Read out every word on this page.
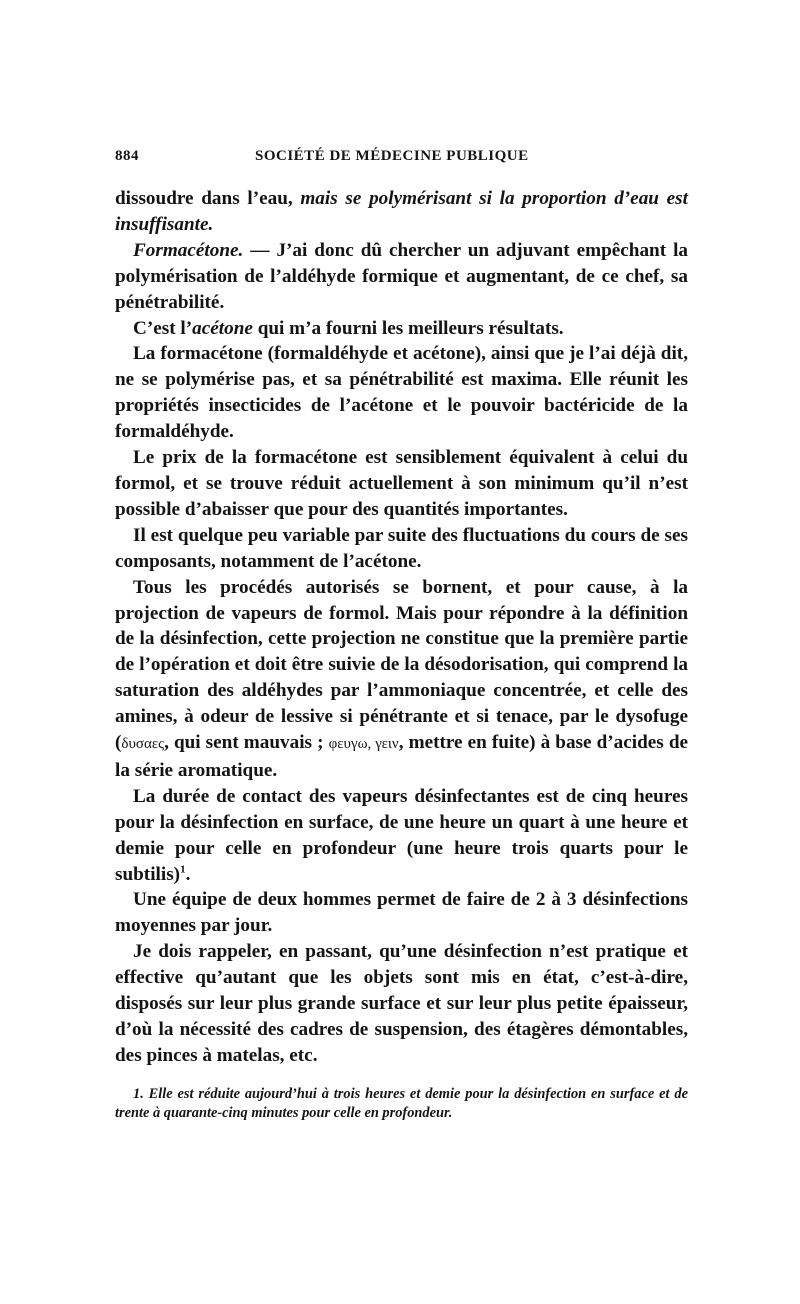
884	SOCIÉTÉ DE MÉDECINE PUBLIQUE

dissoudre dans l’eau, mais se polymérisant si la proportion d’eau est insuffisante.

Formacétone. — J’ai donc dû chercher un adjuvant empêchant la polymérisation de l’aldéhyde formique et augmentant, de ce chef, sa pénétrabilité.

C’est l’acétone qui m’a fourni les meilleurs résultats.

La formacétone (formaldéhyde et acétone), ainsi que je l’ai déjà dit, ne se polymérise pas, et sa pénétrabilité est maxima. Elle réunit les propriétés insecticides de l’acétone et le pouvoir bactéricide de la formaldéhyde.

Le prix de la formacétone est sensiblement équivalent à celui du formol, et se trouve réduit actuellement à son minimum qu’il n’est possible d’abaisser que pour des quantités importantes.

Il est quelque peu variable par suite des fluctuations du cours de ses composants, notamment de l’acétone.

Tous les procédés autorisés se bornent, et pour cause, à la projection de vapeurs de formol. Mais pour répondre à la définition de la désinfection, cette projection ne constitue que la première partie de l’opération et doit être suivie de la désodorisation, qui comprend la saturation des aldéhydes par l’ammoniaque concentrée, et celle des amines, à odeur de lessive si pénétrante et si tenace, par le dysofuge (δυσαες, qui sent mauvais ; φευγω, γειν, mettre en fuite) à base d’acides de la série aromatique.

La durée de contact des vapeurs désinfectantes est de cinq heures pour la désinfection en surface, de une heure un quart à une heure et demie pour celle en profondeur (une heure trois quarts pour le subtilis)$^1$.

Une équipe de deux hommes permet de faire de 2 à 3 désinfections moyennes par jour.

Je dois rappeler, en passant, qu’une désinfection n’est pratique et effective qu’autant que les objets sont mis en état, c’est-à-dire, disposés sur leur plus grande surface et sur leur plus petite épaisseur, d’où la nécessité des cadres de suspension, des étagères démontables, des pinces à matelas, etc.

1. Elle est réduite aujourd’hui à trois heures et demie pour la désinfection en surface et de trente à quarante-cinq minutes pour celle en profondeur.
